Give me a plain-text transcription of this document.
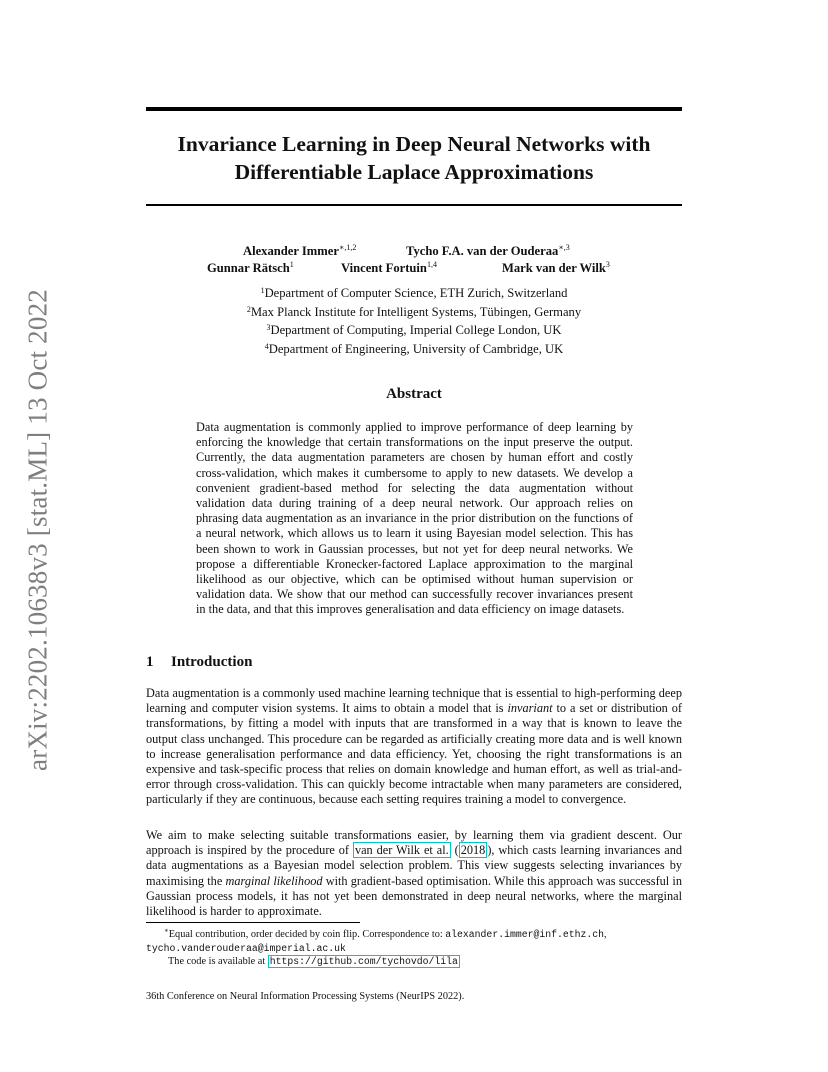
arXiv:2202.10638v3 [stat.ML] 13 Oct 2022
Invariance Learning in Deep Neural Networks with
Differentiable Laplace Approximations
Alexander Immer$^{∗,1,2}$	Tycho F.A. van der Ouderaa$^{∗,3}$
Gunnar Rätsch$^1$	Vincent Fortuin$^{1,4}$	Mark van der Wilk$^3$
$^1$Department of Computer Science, ETH Zurich, Switzerland
$^2$Max Planck Institute for Intelligent Systems, Tübingen, Germany
$^3$Department of Computing, Imperial College London, UK
$^4$Department of Engineering, University of Cambridge, UK
Abstract
Data augmentation is commonly applied to improve performance of deep learning by enforcing the knowledge that certain transformations on the input preserve the output. Currently, the data augmentation parameters are chosen by human effort and costly cross-validation, which makes it cumbersome to apply to new datasets. We develop a convenient gradient-based method for selecting the data augmentation without validation data during training of a deep neural network. Our approach relies on phrasing data augmentation as an invariance in the prior distribution on the functions of a neural network, which allows us to learn it using Bayesian model selection. This has been shown to work in Gaussian processes, but not yet for deep neural networks. We propose a differentiable Kronecker-factored Laplace approximation to the marginal likelihood as our objective, which can be optimised without human supervision or validation data. We show that our method can successfully recover invariances present in the data, and that this improves generalisation and data efficiency on image datasets.
1 Introduction
Data augmentation is a commonly used machine learning technique that is essential to high-performing deep learning and computer vision systems. It aims to obtain a model that is invariant to a set or distribution of transformations, by fitting a model with inputs that are transformed in a way that is known to leave the output class unchanged. This procedure can be regarded as artificially creating more data and is well known to increase generalisation performance and data efficiency. Yet, choosing the right transformations is an expensive and task-specific process that relies on domain knowledge and human effort, as well as trial-and-error through cross-validation. This can quickly become intractable when many parameters are considered, particularly if they are continuous, because each setting requires training a model to convergence.
We aim to make selecting suitable transformations easier, by learning them via gradient descent. Our approach is inspired by the procedure of van der Wilk et al. ( 2018 ), which casts learning invariances and data augmentations as a Bayesian model selection problem. This view suggests selecting invariances by maximising the marginal likelihood with gradient-based optimisation. While this approach was successful in Gaussian process models, it has not yet been demonstrated in deep neural networks, where the marginal likelihood is harder to approximate.
∗Equal contribution, order decided by coin flip. Correspondence to: alexander.immer@inf.ethz.ch,
tycho.vanderouderaa@imperial.ac.uk
The code is available at https://github.com/tychovdo/lila
36th Conference on Neural Information Processing Systems (NeurIPS 2022).
